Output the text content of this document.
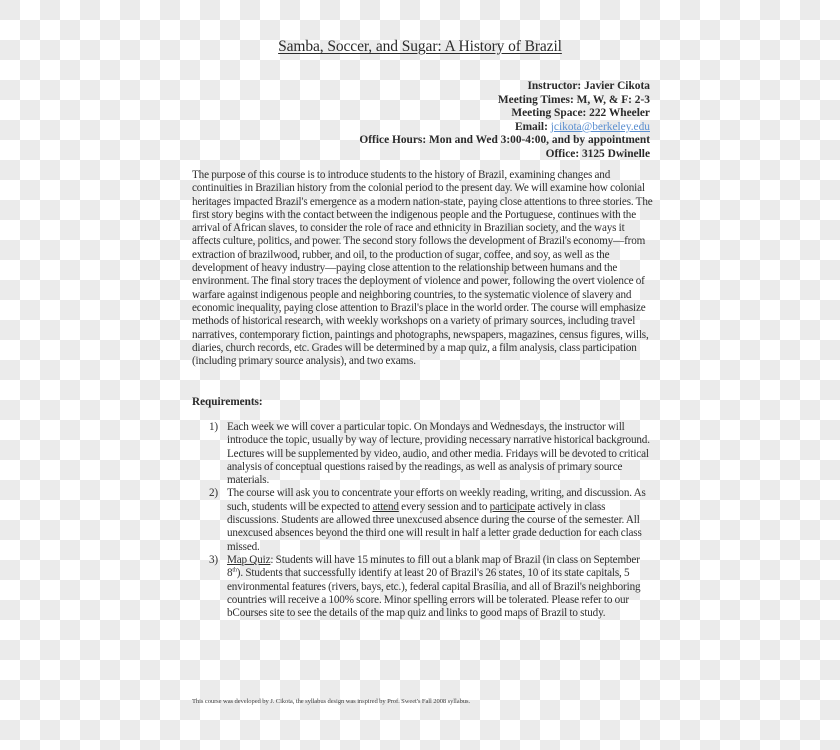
Samba, Soccer, and Sugar: A History of Brazil
Instructor: Javier Cikota
Meeting Times: M, W, & F: 2-3
Meeting Space: 222 Wheeler
Email: jcikota@berkeley.edu
Office Hours: Mon and Wed 3:00-4:00, and by appointment
Office: 3125 Dwinelle
The purpose of this course is to introduce students to the history of Brazil, examining changes and continuities in Brazilian history from the colonial period to the present day. We will examine how colonial heritages impacted Brazil's emergence as a modern nation-state, paying close attentions to three stories. The first story begins with the contact between the indigenous people and the Portuguese, continues with the arrival of African slaves, to consider the role of race and ethnicity in Brazilian society, and the ways it affects culture, politics, and power. The second story follows the development of Brazil's economy—from extraction of brazilwood, rubber, and oil, to the production of sugar, coffee, and soy, as well as the development of heavy industry—paying close attention to the relationship between humans and the environment. The final story traces the deployment of violence and power, following the overt violence of warfare against indigenous people and neighboring countries, to the systematic violence of slavery and economic inequality, paying close attention to Brazil's place in the world order. The course will emphasize methods of historical research, with weekly workshops on a variety of primary sources, including travel narratives, contemporary fiction, paintings and photographs, newspapers, magazines, census figures, wills, diaries, church records, etc. Grades will be determined by a map quiz, a film analysis, class participation (including primary source analysis), and two exams.
Requirements:
1) Each week we will cover a particular topic. On Mondays and Wednesdays, the instructor will introduce the topic, usually by way of lecture, providing necessary narrative historical background. Lectures will be supplemented by video, audio, and other media. Fridays will be devoted to critical analysis of conceptual questions raised by the readings, as well as analysis of primary source materials.
2) The course will ask you to concentrate your efforts on weekly reading, writing, and discussion. As such, students will be expected to attend every session and to participate actively in class discussions. Students are allowed three unexcused absence during the course of the semester. All unexcused absences beyond the third one will result in half a letter grade deduction for each class missed.
3) Map Quiz: Students will have 15 minutes to fill out a blank map of Brazil (in class on September 8th). Students that successfully identify at least 20 of Brazil's 26 states, 10 of its state capitals, 5 environmental features (rivers, bays, etc.), federal capital Brasília, and all of Brazil's neighboring countries will receive a 100% score. Minor spelling errors will be tolerated. Please refer to our bCourses site to see the details of the map quiz and links to good maps of Brazil to study.
This course was developed by J. Cikota, the syllabus design was inspired by Prof. Sweet's Fall 2008 syllabus.
